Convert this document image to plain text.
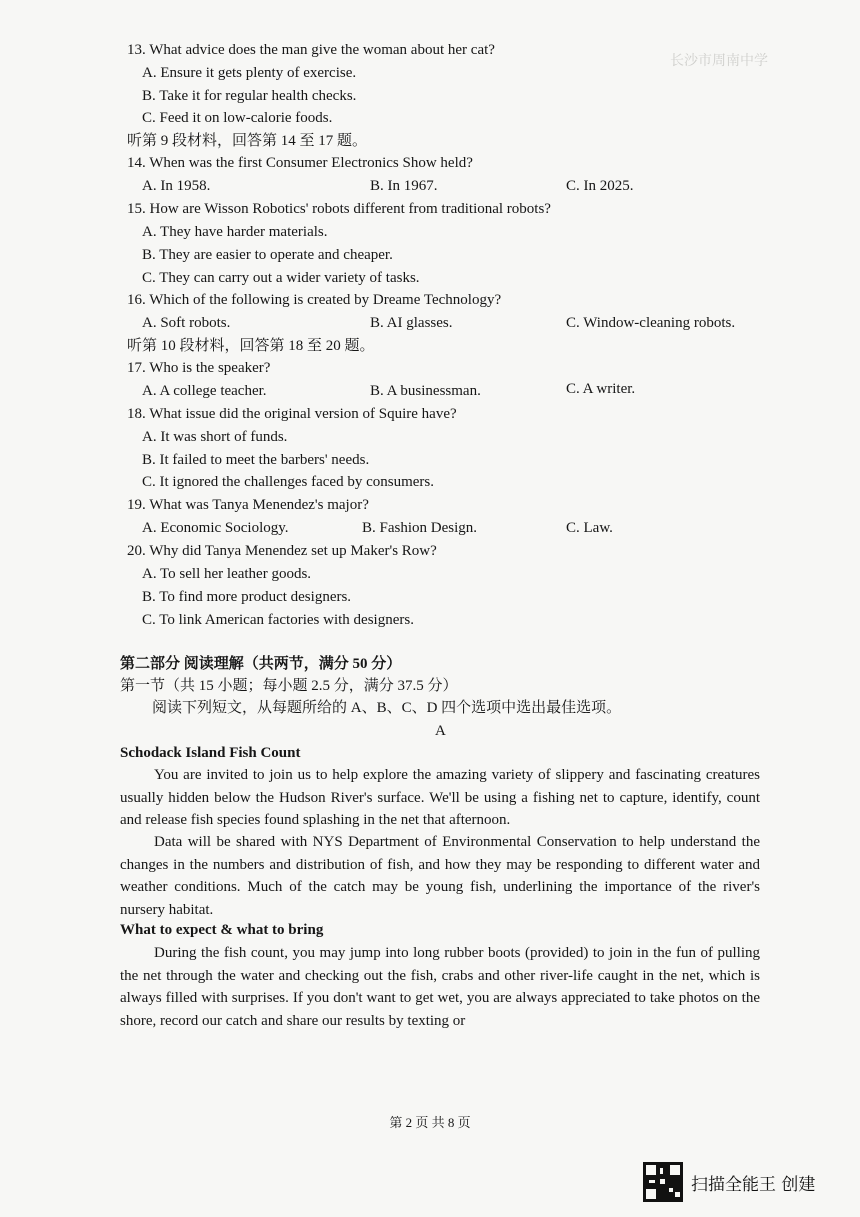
长沙市周南中学
13. What advice does the man give the woman about her cat?
A. Ensure it gets plenty of exercise.
B. Take it for regular health checks.
C. Feed it on low-calorie foods.
听第 9 段材料，回答第 14 至 17 题。
14. When was the first Consumer Electronics Show held?
A. In 1958.	B. In 1967.	C. In 2025.
15. How are Wisson Robotics' robots different from traditional robots?
A. They have harder materials.
B. They are easier to operate and cheaper.
C. They can carry out a wider variety of tasks.
16. Which of the following is created by Dreame Technology?
A. Soft robots.	B. AI glasses.	C. Window-cleaning robots.
听第 10 段材料，回答第 18 至 20 题。
17. Who is the speaker?
A. A college teacher.	B. A businessman.	C. A writer.
18. What issue did the original version of Squire have?
A. It was short of funds.
B. It failed to meet the barbers' needs.
C. It ignored the challenges faced by consumers.
19. What was Tanya Menendez's major?
A. Economic Sociology.	B. Fashion Design.	C. Law.
20. Why did Tanya Menendez set up Maker's Row?
A. To sell her leather goods.
B. To find more product designers.
C. To link American factories with designers.
第二部分 阅读理解（共两节，满分 50 分）
第一节（共 15 小题；每小题 2.5 分，满分 37.5 分）
阅读下列短文，从每题所给的 A、B、C、D 四个选项中选出最佳选项。
A
Schodack Island Fish Count
You are invited to join us to help explore the amazing variety of slippery and fascinating creatures usually hidden below the Hudson River's surface. We'll be using a fishing net to capture, identify, count and release fish species found splashing in the net that afternoon.
Data will be shared with NYS Department of Environmental Conservation to help understand the changes in the numbers and distribution of fish, and how they may be responding to different water and weather conditions. Much of the catch may be young fish, underlining the importance of the river's nursery habitat.
What to expect & what to bring
During the fish count, you may jump into long rubber boots (provided) to join in the fun of pulling the net through the water and checking out the fish, crabs and other river-life caught in the net, which is always filled with surprises. If you don't want to get wet, you are always appreciated to take photos on the shore, record our catch and share our results by texting or
第 2 页 共 8 页
扫描全能王 创建
